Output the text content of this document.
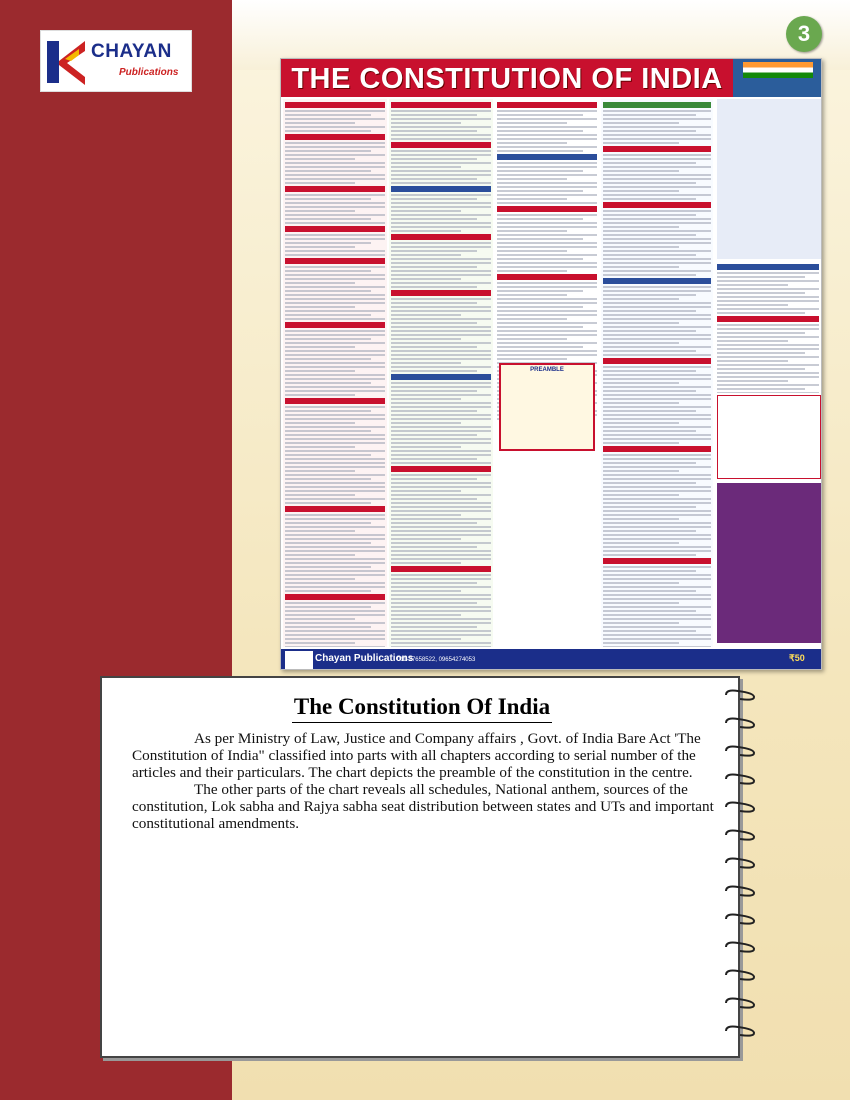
CHAYAN
Publications
3
THE CONSTITUTION OF INDIA
PREAMBLE
Chayan Publications
011-27658522, 09654274053	₹50
The Constitution Of India

As per Ministry of Law, Justice and Company affairs , Govt. of India Bare Act 'The Constitution of India" classified into parts with all chapters according to serial number of the articles and their particulars. The chart depicts the preamble of the constitution in the centre.

The other parts of the chart reveals all schedules, National anthem, sources of the constitution, Lok sabha and Rajya sabha seat distribution between states and UTs and important constitutional amendments.
